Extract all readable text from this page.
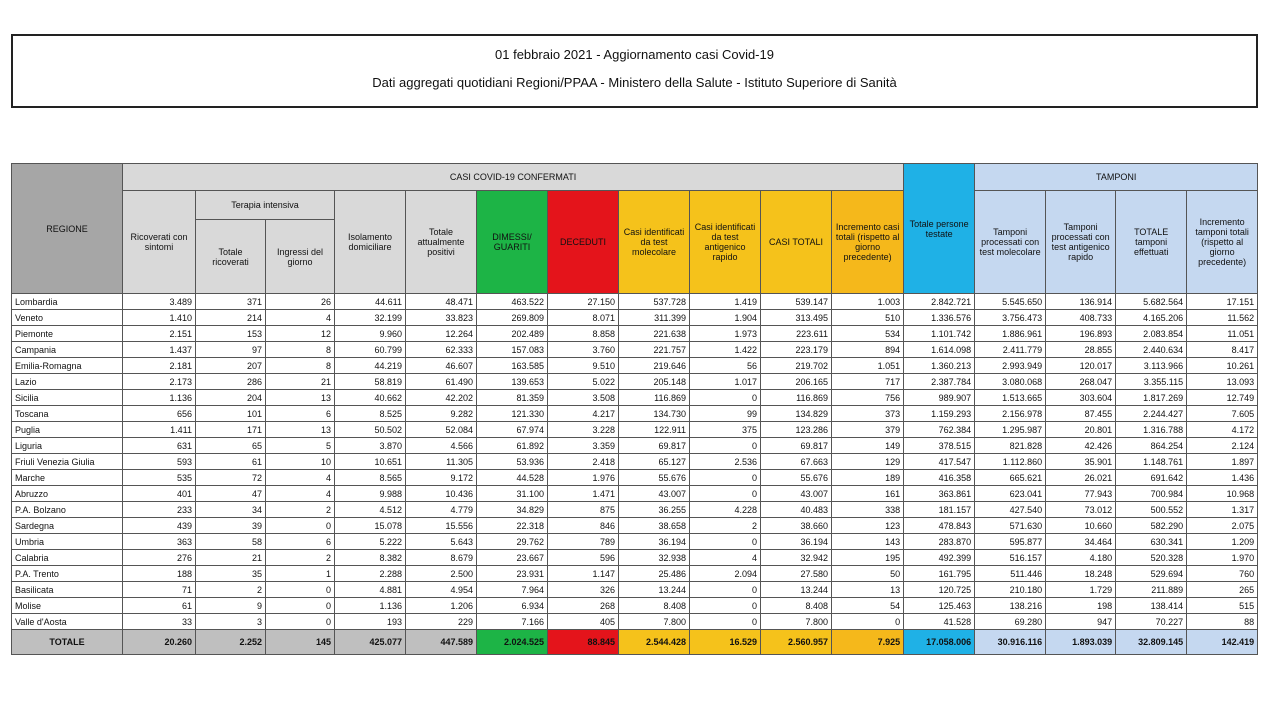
01 febbraio 2021 - Aggiornamento casi Covid-19
Dati aggregati quotidiani Regioni/PPAA - Ministero della Salute - Istituto Superiore di Sanità
REGIONE	CASI COVID-19 CONFERMATI											Totale persone testate	TAMPONI			
	Ricoverati con sintomi	Terapia intensiva		Isolamento domiciliare	Totale attualmente positivi	DIMESSI/ GUARITI	DECEDUTI	Casi identificati da test molecolare	Casi identificati da test antigenico rapido	CASI TOTALI	Incremento casi totali (rispetto al giorno precedente)		Tamponi processati con test molecolare	Tamponi processati con test antigenico rapido	TOTALE tamponi effettuati	Incremento tamponi totali (rispetto al giorno precedente)
		Totale ricoverati	Ingressi del giorno													
Lombardia	3.489	371	26	44.611	48.471	463.522	27.150	537.728	1.419	539.147	1.003	2.842.721	5.545.650	136.914	5.682.564	17.151
Veneto	1.410	214	4	32.199	33.823	269.809	8.071	311.399	1.904	313.495	510	1.336.576	3.756.473	408.733	4.165.206	11.562
Piemonte	2.151	153	12	9.960	12.264	202.489	8.858	221.638	1.973	223.611	534	1.101.742	1.886.961	196.893	2.083.854	11.051
Campania	1.437	97	8	60.799	62.333	157.083	3.760	221.757	1.422	223.179	894	1.614.098	2.411.779	28.855	2.440.634	8.417
Emilia-Romagna	2.181	207	8	44.219	46.607	163.585	9.510	219.646	56	219.702	1.051	1.360.213	2.993.949	120.017	3.113.966	10.261
Lazio	2.173	286	21	58.819	61.490	139.653	5.022	205.148	1.017	206.165	717	2.387.784	3.080.068	268.047	3.355.115	13.093
Sicilia	1.136	204	13	40.662	42.202	81.359	3.508	116.869	0	116.869	756	989.907	1.513.665	303.604	1.817.269	12.749
Toscana	656	101	6	8.525	9.282	121.330	4.217	134.730	99	134.829	373	1.159.293	2.156.978	87.455	2.244.427	7.605
Puglia	1.411	171	13	50.502	52.084	67.974	3.228	122.911	375	123.286	379	762.384	1.295.987	20.801	1.316.788	4.172
Liguria	631	65	5	3.870	4.566	61.892	3.359	69.817	0	69.817	149	378.515	821.828	42.426	864.254	2.124
Friuli Venezia Giulia	593	61	10	10.651	11.305	53.936	2.418	65.127	2.536	67.663	129	417.547	1.112.860	35.901	1.148.761	1.897
Marche	535	72	4	8.565	9.172	44.528	1.976	55.676	0	55.676	189	416.358	665.621	26.021	691.642	1.436
Abruzzo	401	47	4	9.988	10.436	31.100	1.471	43.007	0	43.007	161	363.861	623.041	77.943	700.984	10.968
P.A. Bolzano	233	34	2	4.512	4.779	34.829	875	36.255	4.228	40.483	338	181.157	427.540	73.012	500.552	1.317
Sardegna	439	39	0	15.078	15.556	22.318	846	38.658	2	38.660	123	478.843	571.630	10.660	582.290	2.075
Umbria	363	58	6	5.222	5.643	29.762	789	36.194	0	36.194	143	283.870	595.877	34.464	630.341	1.209
Calabria	276	21	2	8.382	8.679	23.667	596	32.938	4	32.942	195	492.399	516.157	4.180	520.328	1.970
P.A. Trento	188	35	1	2.288	2.500	23.931	1.147	25.486	2.094	27.580	50	161.795	511.446	18.248	529.694	760
Basilicata	71	2	0	4.881	4.954	7.964	326	13.244	0	13.244	13	120.725	210.180	1.729	211.889	265
Molise	61	9	0	1.136	1.206	6.934	268	8.408	0	8.408	54	125.463	138.216	198	138.414	515
Valle d'Aosta	33	3	0	193	229	7.166	405	7.800	0	7.800	0	41.528	69.280	947	70.227	88
TOTALE	20.260	2.252	145	425.077	447.589	2.024.525	88.845	2.544.428	16.529	2.560.957	7.925	17.058.006	30.916.116	1.893.039	32.809.145	142.419
